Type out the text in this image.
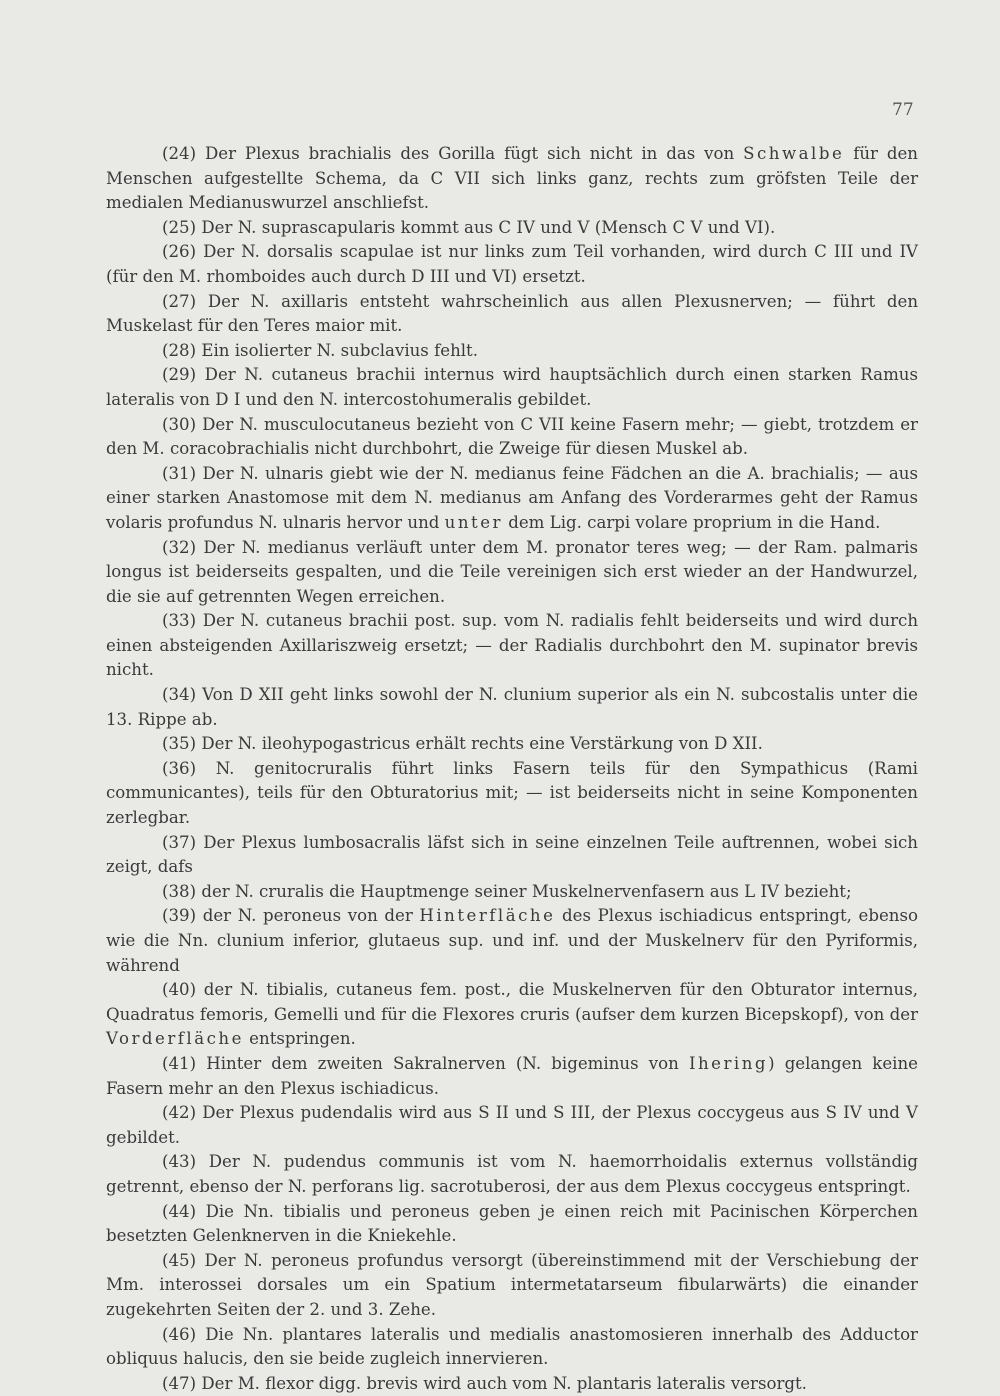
77

(24) Der Plexus brachialis des Gorilla fügt sich nicht in das von Schwalbe für den Menschen aufgestellte Schema, da C VII sich links ganz, rechts zum gröfsten Teile der medialen Medianuswurzel anschliefst.

(25) Der N. suprascapularis kommt aus C IV und V (Mensch C V und VI).

(26) Der N. dorsalis scapulae ist nur links zum Teil vorhanden, wird durch C III und IV (für den M. rhomboides auch durch D III und VI) ersetzt.

(27) Der N. axillaris entsteht wahrscheinlich aus allen Plexusnerven; — führt den Muskelast für den Teres maior mit.

(28) Ein isolierter N. subclavius fehlt.

(29) Der N. cutaneus brachii internus wird hauptsächlich durch einen starken Ramus lateralis von D I und den N. intercostohumeralis gebildet.

(30) Der N. musculocutaneus bezieht von C VII keine Fasern mehr; — giebt, trotzdem er den M. coracobrachialis nicht durchbohrt, die Zweige für diesen Muskel ab.

(31) Der N. ulnaris giebt wie der N. medianus feine Fädchen an die A. brachialis; — aus einer starken Anastomose mit dem N. medianus am Anfang des Vorderarmes geht der Ramus volaris profundus N. ulnaris hervor und unter dem Lig. carpi volare proprium in die Hand.

(32) Der N. medianus verläuft unter dem M. pronator teres weg; — der Ram. palmaris longus ist beiderseits gespalten, und die Teile vereinigen sich erst wieder an der Handwurzel, die sie auf getrennten Wegen erreichen.

(33) Der N. cutaneus brachii post. sup. vom N. radialis fehlt beiderseits und wird durch einen absteigenden Axillariszweig ersetzt; — der Radialis durchbohrt den M. supinator brevis nicht.

(34) Von D XII geht links sowohl der N. clunium superior als ein N. subcostalis unter die 13. Rippe ab.

(35) Der N. ileohypogastricus erhält rechts eine Verstärkung von D XII.

(36) N. genitocruralis führt links Fasern teils für den Sympathicus (Rami communicantes), teils für den Obturatorius mit; — ist beiderseits nicht in seine Komponenten zerlegbar.

(37) Der Plexus lumbosacralis läfst sich in seine einzelnen Teile auftrennen, wobei sich zeigt, dafs

(38) der N. cruralis die Hauptmenge seiner Muskelnervenfasern aus L IV bezieht;

(39) der N. peroneus von der Hinterfläche des Plexus ischiadicus entspringt, ebenso wie die Nn. clunium inferior, glutaeus sup. und inf. und der Muskelnerv für den Pyriformis, während

(40) der N. tibialis, cutaneus fem. post., die Muskelnerven für den Obturator internus, Quadratus femoris, Gemelli und für die Flexores cruris (aufser dem kurzen Bicepskopf), von der Vorderfläche entspringen.

(41) Hinter dem zweiten Sakralnerven (N. bigeminus von Ihering) gelangen keine Fasern mehr an den Plexus ischiadicus.

(42) Der Plexus pudendalis wird aus S II und S III, der Plexus coccygeus aus S IV und V gebildet.

(43) Der N. pudendus communis ist vom N. haemorrhoidalis externus vollständig getrennt, ebenso der N. perforans lig. sacrotuberosi, der aus dem Plexus coccygeus entspringt.

(44) Die Nn. tibialis und peroneus geben je einen reich mit Pacinischen Körperchen besetzten Gelenknerven in die Kniekehle.

(45) Der N. peroneus profundus versorgt (übereinstimmend mit der Verschiebung der Mm. interossei dorsales um ein Spatium intermetatarseum fibularwärts) die einander zugekehrten Seiten der 2. und 3. Zehe.

(46) Die Nn. plantares lateralis und medialis anastomosieren innerhalb des Adductor obliquus halucis, den sie beide zugleich innervieren.

(47) Der M. flexor digg. brevis wird auch vom N. plantaris lateralis versorgt.
